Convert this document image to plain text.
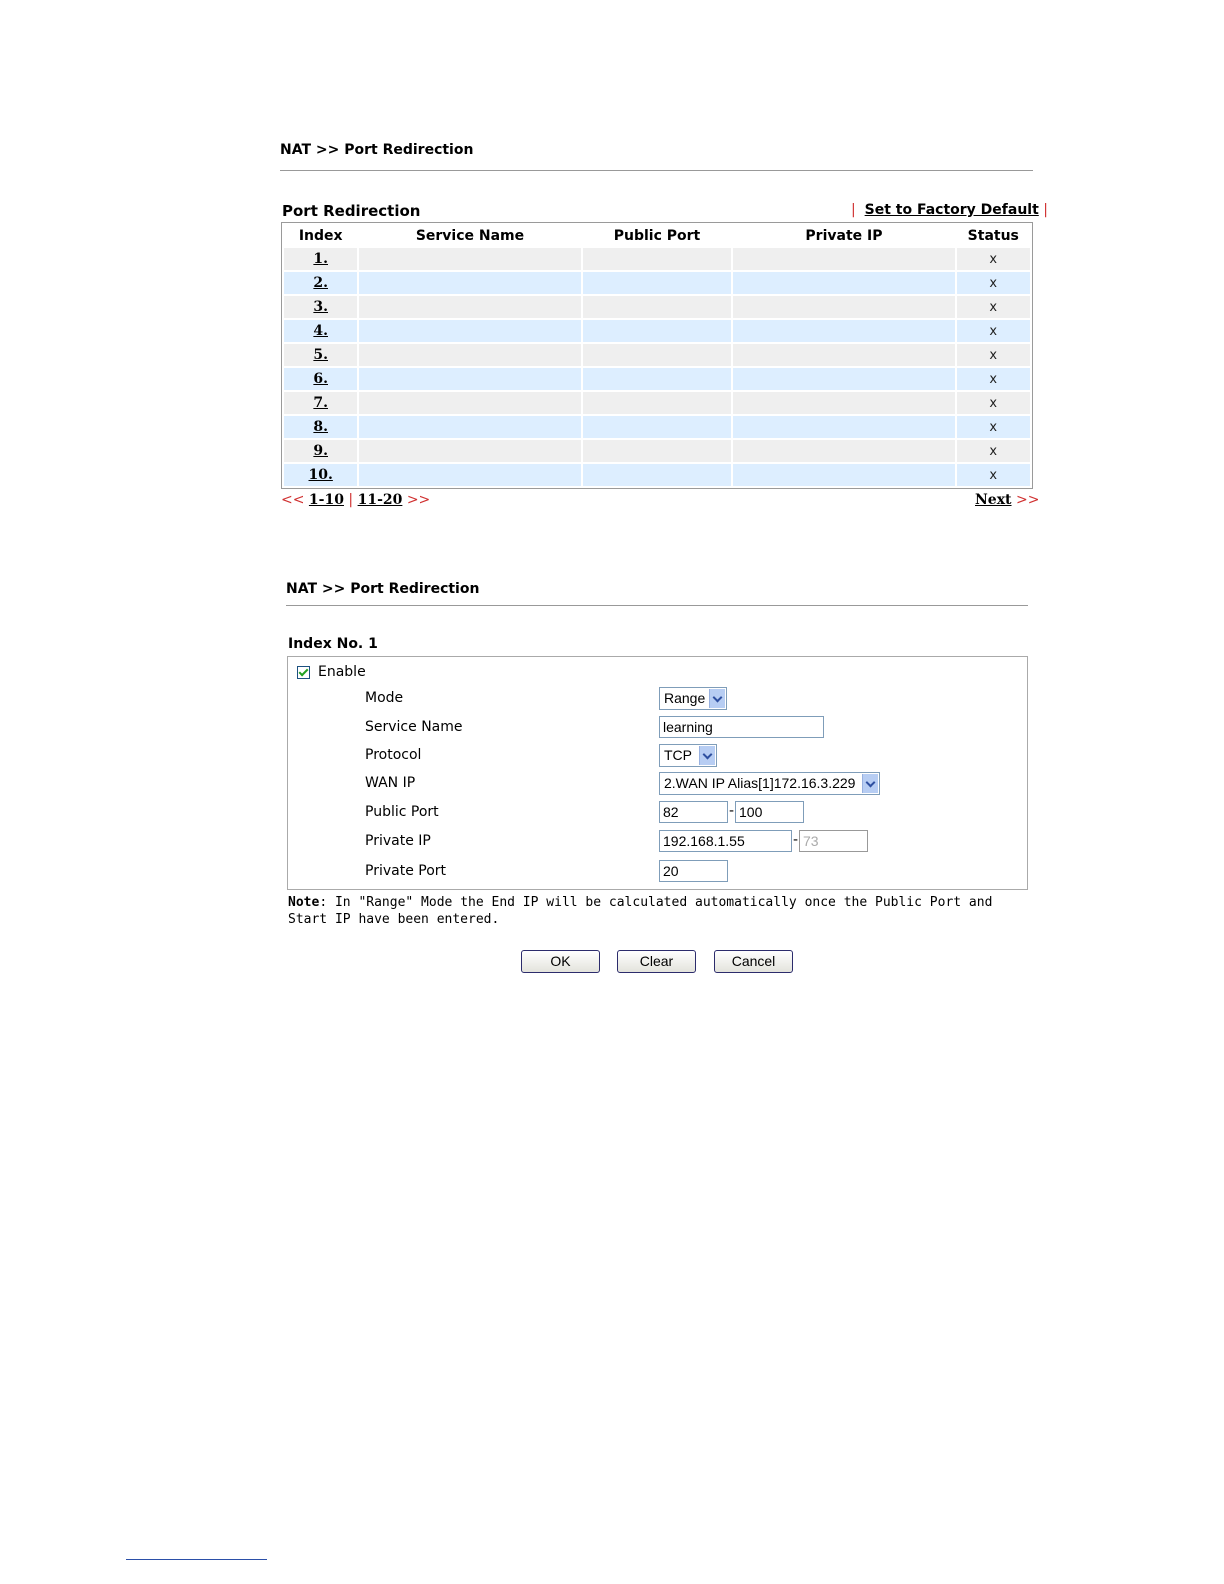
NAT >> Port Redirection
Port Redirection	| Set to Factory Default |
Index	Service Name	Public Port	Private IP	Status
1.				x
2.				x
3.				x
4.				x
5.				x
6.				x
7.				x
8.				x
9.				x
10.				x
<< 1-10 | 11-20 >>	Next >>
NAT >> Port Redirection
Index No. 1
Enable
Mode	Range
Service Name	learning
Protocol	TCP
WAN IP	2.WAN IP Alias[1]172.16.3.229
Public Port	82	- 100
Private IP	192.168.1.55	- 73
Private Port	20
Note: In "Range" Mode the End IP will be calculated automatically once the Public Port and Start IP have been entered.
OK	Clear	Cancel
